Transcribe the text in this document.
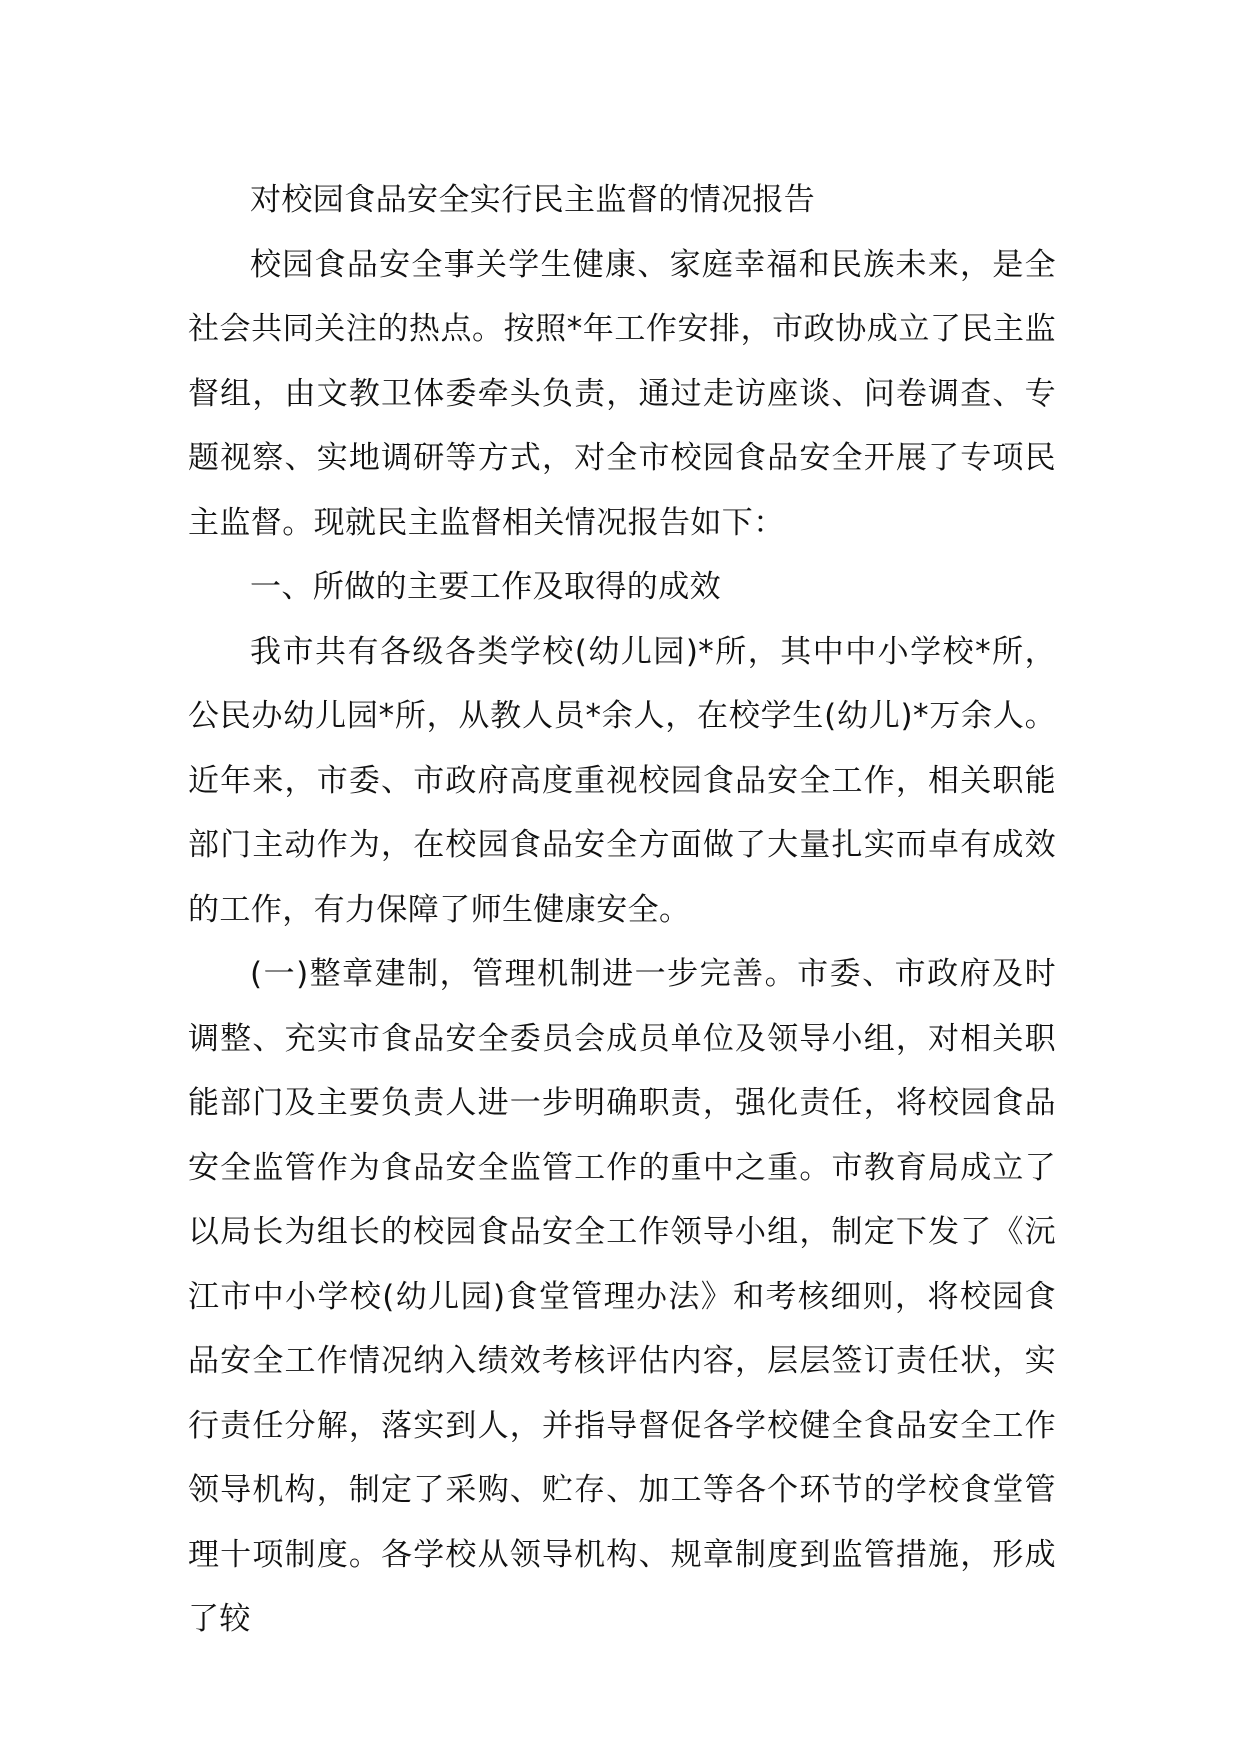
对校园食品安全实行民主监督的情况报告

校园食品安全事关学生健康、家庭幸福和民族未来，是全社会共同关注的热点。按照*年工作安排，市政协成立了民主监督组，由文教卫体委牵头负责，通过走访座谈、问卷调查、专题视察、实地调研等方式，对全市校园食品安全开展了专项民主监督。现就民主监督相关情况报告如下：

一、所做的主要工作及取得的成效

我市共有各级各类学校(幼儿园)*所，其中中小学校*所，公民办幼儿园*所，从教人员*余人，在校学生(幼儿)*万余人。近年来，市委、市政府高度重视校园食品安全工作，相关职能部门主动作为，在校园食品安全方面做了大量扎实而卓有成效的工作，有力保障了师生健康安全。

(一)整章建制，管理机制进一步完善。市委、市政府及时调整、充实市食品安全委员会成员单位及领导小组，对相关职能部门及主要负责人进一步明确职责，强化责任，将校园食品安全监管作为食品安全监管工作的重中之重。市教育局成立了以局长为组长的校园食品安全工作领导小组，制定下发了《沅江市中小学校(幼儿园)食堂管理办法》和考核细则，将校园食品安全工作情况纳入绩效考核评估内容，层层签订责任状，实行责任分解，落实到人，并指导督促各学校健全食品安全工作领导机构，制定了采购、贮存、加工等各个环节的学校食堂管理十项制度。各学校从领导机构、规章制度到监管措施，形成了较
